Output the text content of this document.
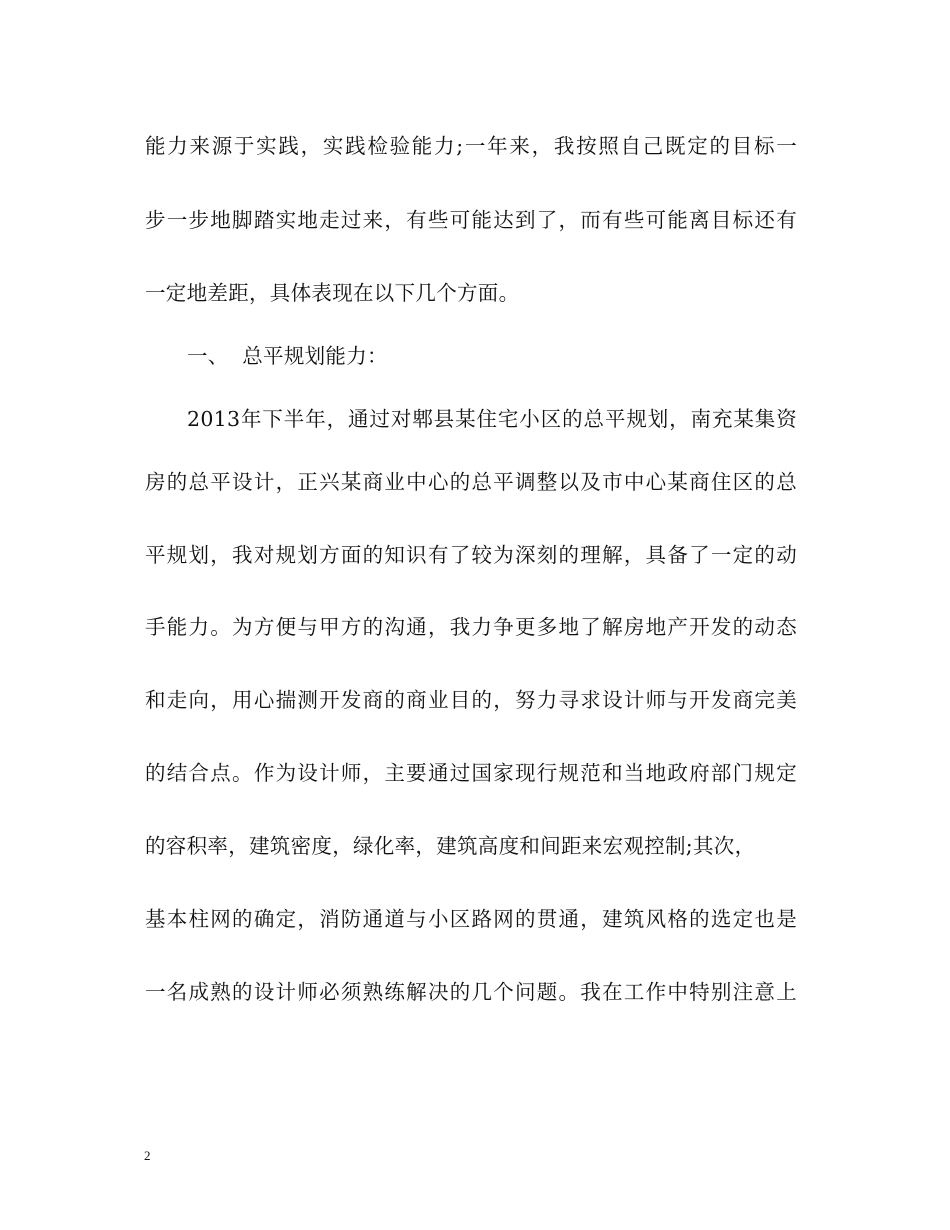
能力来源于实践，实践检验能力;一年来，我按照自己既定的目标一
步一步地脚踏实地走过来，有些可能达到了，而有些可能离目标还有
一定地差距，具体表现在以下几个方面。
一、  总平规划能力：
2013年下半年，通过对郫县某住宅小区的总平规划，南充某集资
房的总平设计，正兴某商业中心的总平调整以及市中心某商住区的总
平规划，我对规划方面的知识有了较为深刻的理解，具备了一定的动
手能力。为方便与甲方的沟通，我力争更多地了解房地产开发的动态
和走向，用心揣测开发商的商业目的，努力寻求设计师与开发商完美
的结合点。作为设计师，主要通过国家现行规范和当地政府部门规定
的容积率，建筑密度，绿化率，建筑高度和间距来宏观控制;其次，
基本柱网的确定，消防通道与小区路网的贯通，建筑风格的选定也是
一名成熟的设计师必须熟练解决的几个问题。我在工作中特别注意上
2
